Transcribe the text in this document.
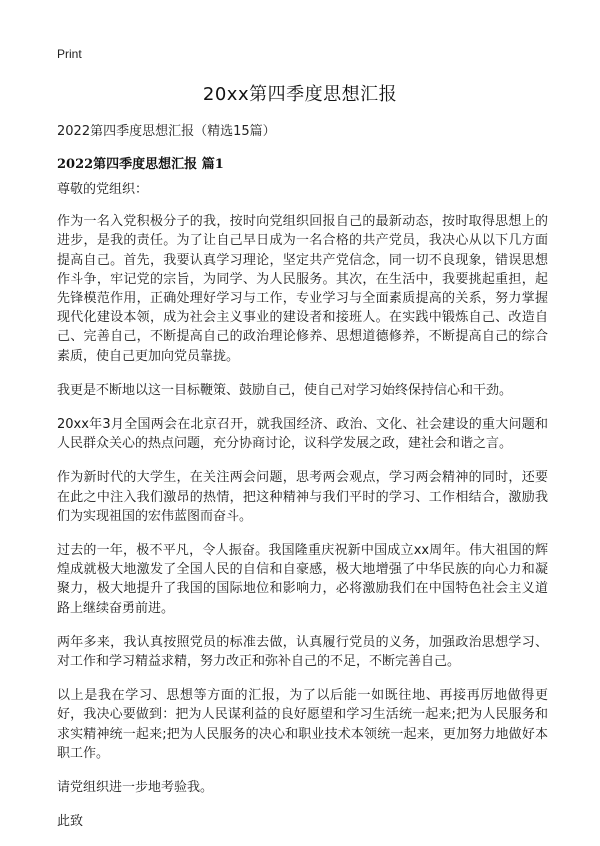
Print
20xx第四季度思想汇报
2022第四季度思想汇报（精选15篇）
2022第四季度思想汇报 篇1

尊敬的党组织：

作为一名入党积极分子的我，按时向党组织回报自己的最新动态，按时取得思想上的进步，是我的责任。为了让自己早日成为一名合格的共产党员，我决心从以下几方面提高自己。首先，我要认真学习理论，坚定共产党信念，同一切不良现象，错误思想作斗争，牢记党的宗旨，为同学、为人民服务。其次，在生活中，我要挑起重担，起先锋模范作用，正确处理好学习与工作，专业学习与全面素质提高的关系，努力掌握现代化建设本领，成为社会主义事业的建设者和接班人。在实践中锻炼自己、改造自己、完善自己，不断提高自己的政治理论修养、思想道德修养，不断提高自己的综合素质，使自己更加向党员靠拢。

我更是不断地以这一目标鞭策、鼓励自己，使自己对学习始终保持信心和干劲。

20xx年3月全国两会在北京召开，就我国经济、政治、文化、社会建设的重大问题和人民群众关心的热点问题，充分协商讨论，议科学发展之政，建社会和谐之言。

作为新时代的大学生，在关注两会问题，思考两会观点，学习两会精神的同时，还要在此之中注入我们激昂的热情，把这种精神与我们平时的学习、工作相结合，激励我们为实现祖国的宏伟蓝图而奋斗。

过去的一年，极不平凡，令人振奋。我国隆重庆祝新中国成立xx周年。伟大祖国的辉煌成就极大地激发了全国人民的自信和自豪感，极大地增强了中华民族的向心力和凝聚力，极大地提升了我国的国际地位和影响力，必将激励我们在中国特色社会主义道路上继续奋勇前进。

两年多来，我认真按照党员的标准去做，认真履行党员的义务，加强政治思想学习、对工作和学习精益求精，努力改正和弥补自己的不足，不断完善自己。

以上是我在学习、思想等方面的汇报，为了以后能一如既往地、再接再厉地做得更好，我决心要做到：把为人民谋利益的良好愿望和学习生活统一起来;把为人民服务和求实精神统一起来;把为人民服务的决心和职业技术本领统一起来，更加努力地做好本职工作。

请党组织进一步地考验我。

此致
